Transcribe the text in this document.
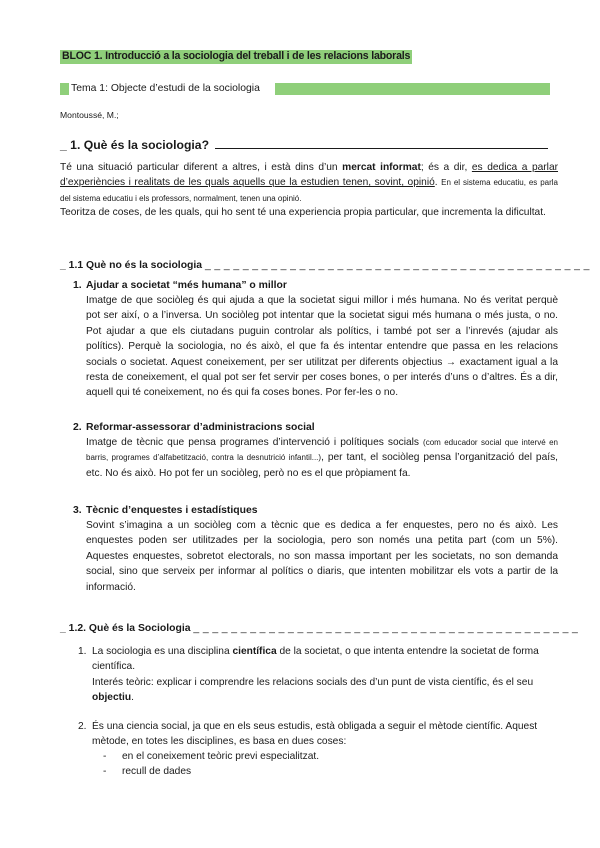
BLOC 1. Introducció a la sociologia del treball i de les relacions laborals
Tema 1: Objecte d’estudi de la sociologia
Montoussé, M.;
_ 1. Què és la sociologia?
Té una situació particular diferent a altres, i està dins d’un mercat informat; és a dir, es dedica a parlar d’experiències i realitats de les quals aquells que la estudien tenen, sovint, opinió. En el sistema educatiu, es parla del sistema educatiu i els professors, normalment, tenen una opinió.
Teoritza de coses, de les quals, qui ho sent té una experiencia propia particular, que incrementa la dificultat.
_ 1.1 Què no és la sociologia _ _ _ _ _ _ _ _ _ _ _ _ _ _ _ _ _ _ _ _ _ _ _ _ _ _ _ _ _ _ _ _ _ _ _ _ _ _ _ _ _
1. Ajudar a societat “més humana” o millor
Imatge de que sociòleg és qui ajuda a que la societat sigui millor i més humana. No és veritat perquè pot ser així, o a l’inversa. Un sociòleg pot intentar que la societat sigui més humana o més justa, o no. Pot ajudar a que els ciutadans puguin controlar als polítics, i també pot ser a l’inrevés (ajudar als polítics). Perquè la sociologia, no és això, el que fa és intentar entendre que passa en les relacions socials o societat. Aquest coneixement, per ser utilitzat per diferents objectius → exactament igual a la resta de coneixement, el qual pot ser fet servir per coses bones, o per interés d’uns o d’altres. És a dir, aquell qui té coneixement, no és qui fa coses bones. Por fer-les o no.
2. Reformar-assessorar d’administracions social
Imatge de tècnic que pensa programes d’intervenció i polítiques socials (com educador social que intervé en barris, programes d’alfabetització, contra la desnutrició infantil...), per tant, el sociòleg pensa l’organització del país, etc. No és això. Ho pot fer un sociòleg, però no es el que pròpiament fa.
3. Tècnic d’enquestes i estadístiques
Sovint s’imagina a un sociòleg com a tècnic que es dedica a fer enquestes, pero no és això. Les enquestes poden ser utilitzades per la sociologia, pero son només una petita part (com un 5%). Aquestes enquestes, sobretot electorals, no son massa important per les societats, no son demanda social, sino que serveix per informar al polítics o diaris, que intenten mobilitzar els vots a partir de la informació.
_ 1.2. Què és la Sociologia _ _ _ _ _ _ _ _ _ _ _ _ _ _ _ _ _ _ _ _ _ _ _ _ _ _ _ _ _ _ _ _ _ _ _ _ _ _ _ _ _
1. La sociologia es una disciplina científica de la societat, o que intenta entendre la societat de forma científica.
Interés teòric: explicar i comprendre les relacions socials des d’un punt de vista científic, és el seu objectiu.
2. És una ciencia social, ja que en els seus estudis, està obligada a seguir el mètode científic. Aquest mètode, en totes les disciplines, es basa en dues coses:
- en el coneixement teòric previ especialitzat.
- recull de dades
